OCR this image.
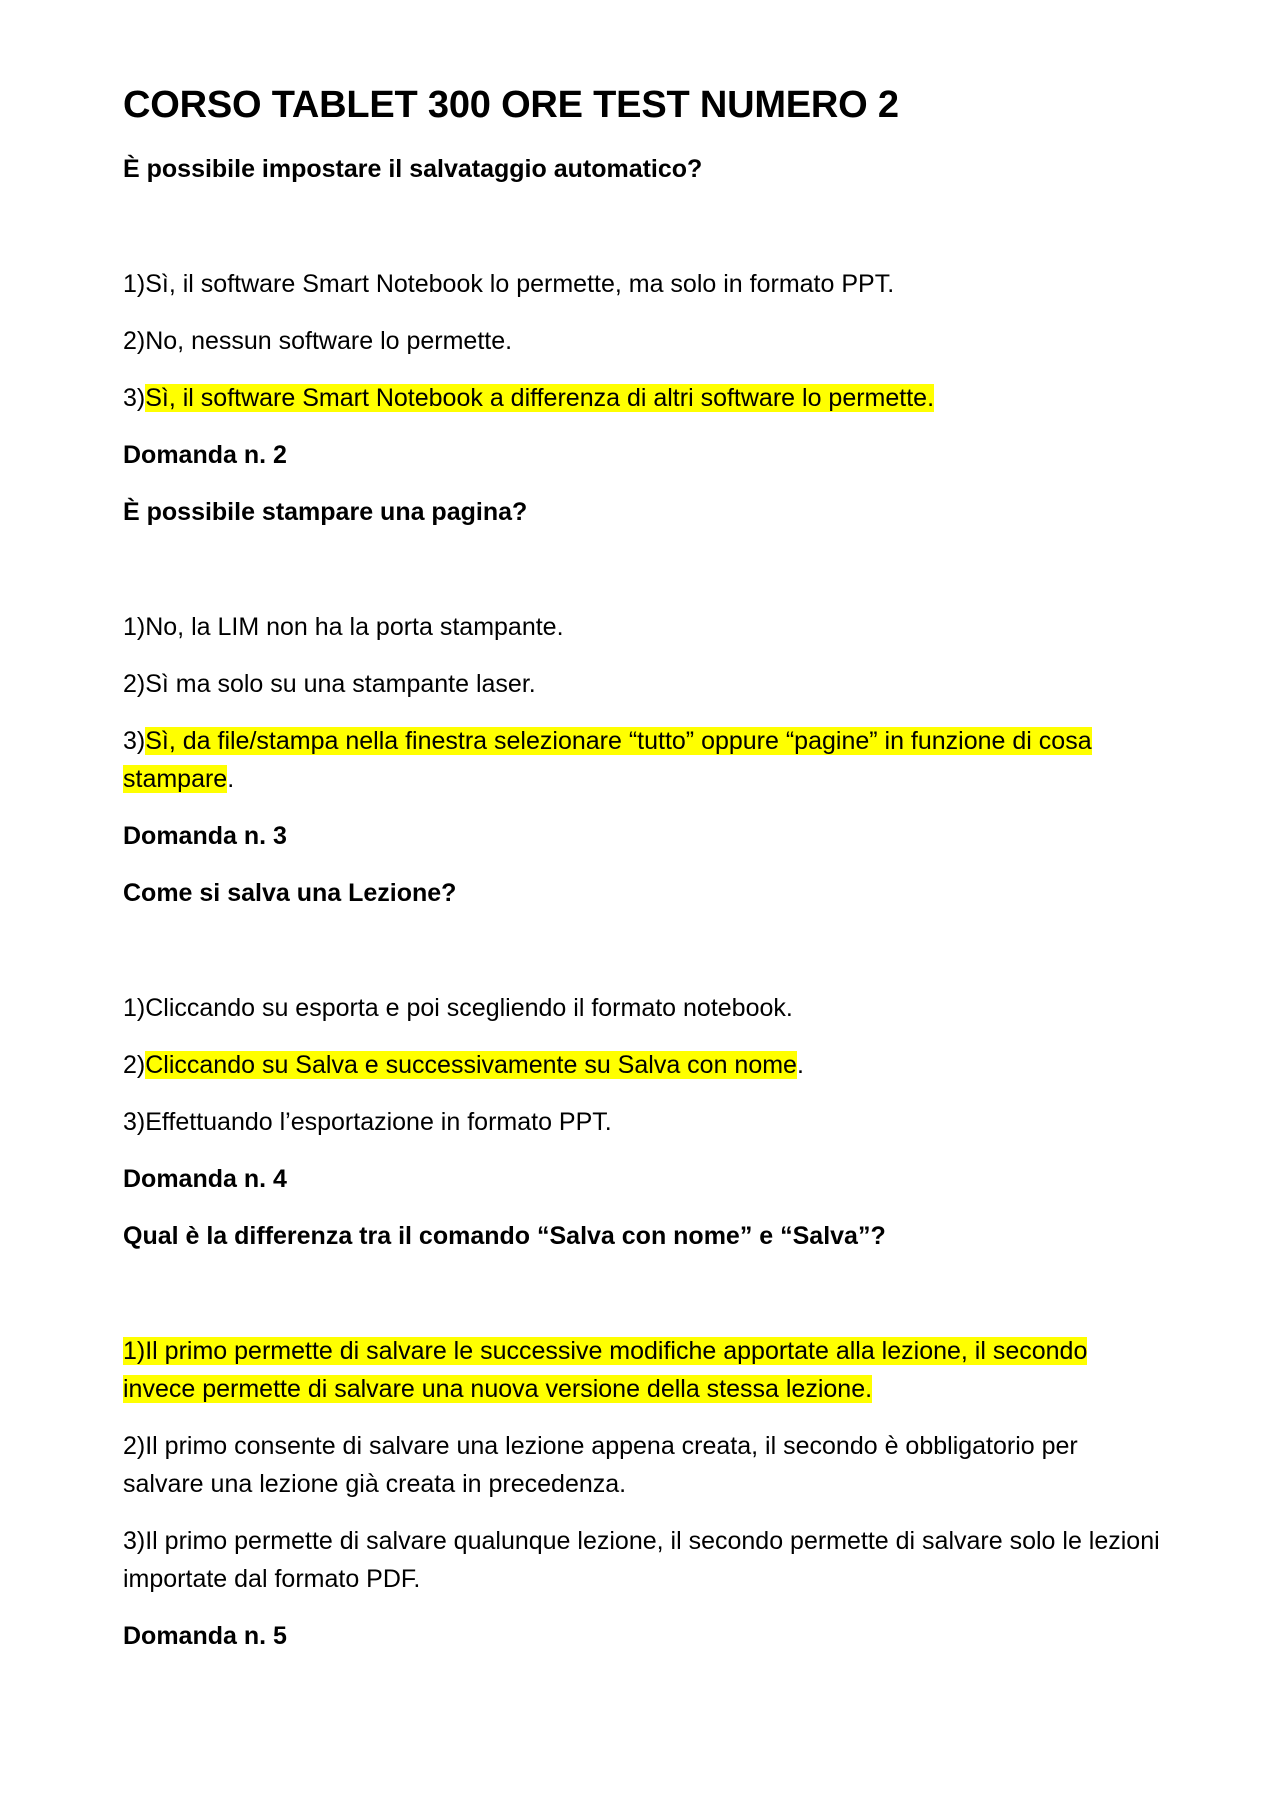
CORSO TABLET 300 ORE TEST NUMERO 2
È possibile impostare il salvataggio automatico?
1)Sì, il software Smart Notebook lo permette, ma solo in formato PPT.
2)No, nessun software lo permette.
3)Sì, il software Smart Notebook a differenza di altri software lo permette.
Domanda n. 2
È possibile stampare una pagina?
1)No, la LIM non ha la porta stampante.
2)Sì ma solo su una stampante laser.
3)Sì, da file/stampa nella finestra selezionare “tutto” oppure “pagine” in funzione di cosa stampare.
Domanda n. 3
Come si salva una Lezione?
1)Cliccando su esporta e poi scegliendo il formato notebook.
2)Cliccando su Salva e successivamente su Salva con nome.
3)Effettuando l’esportazione in formato PPT.
Domanda n. 4
Qual è la differenza tra il comando “Salva con nome” e “Salva”?
1)Il primo permette di salvare le successive modifiche apportate alla lezione, il secondo invece permette di salvare una nuova versione della stessa lezione.
2)Il primo consente di salvare una lezione appena creata, il secondo è obbligatorio per salvare una lezione già creata in precedenza.
3)Il primo permette di salvare qualunque lezione, il secondo permette di salvare solo le lezioni importate dal formato PDF.
Domanda n. 5
